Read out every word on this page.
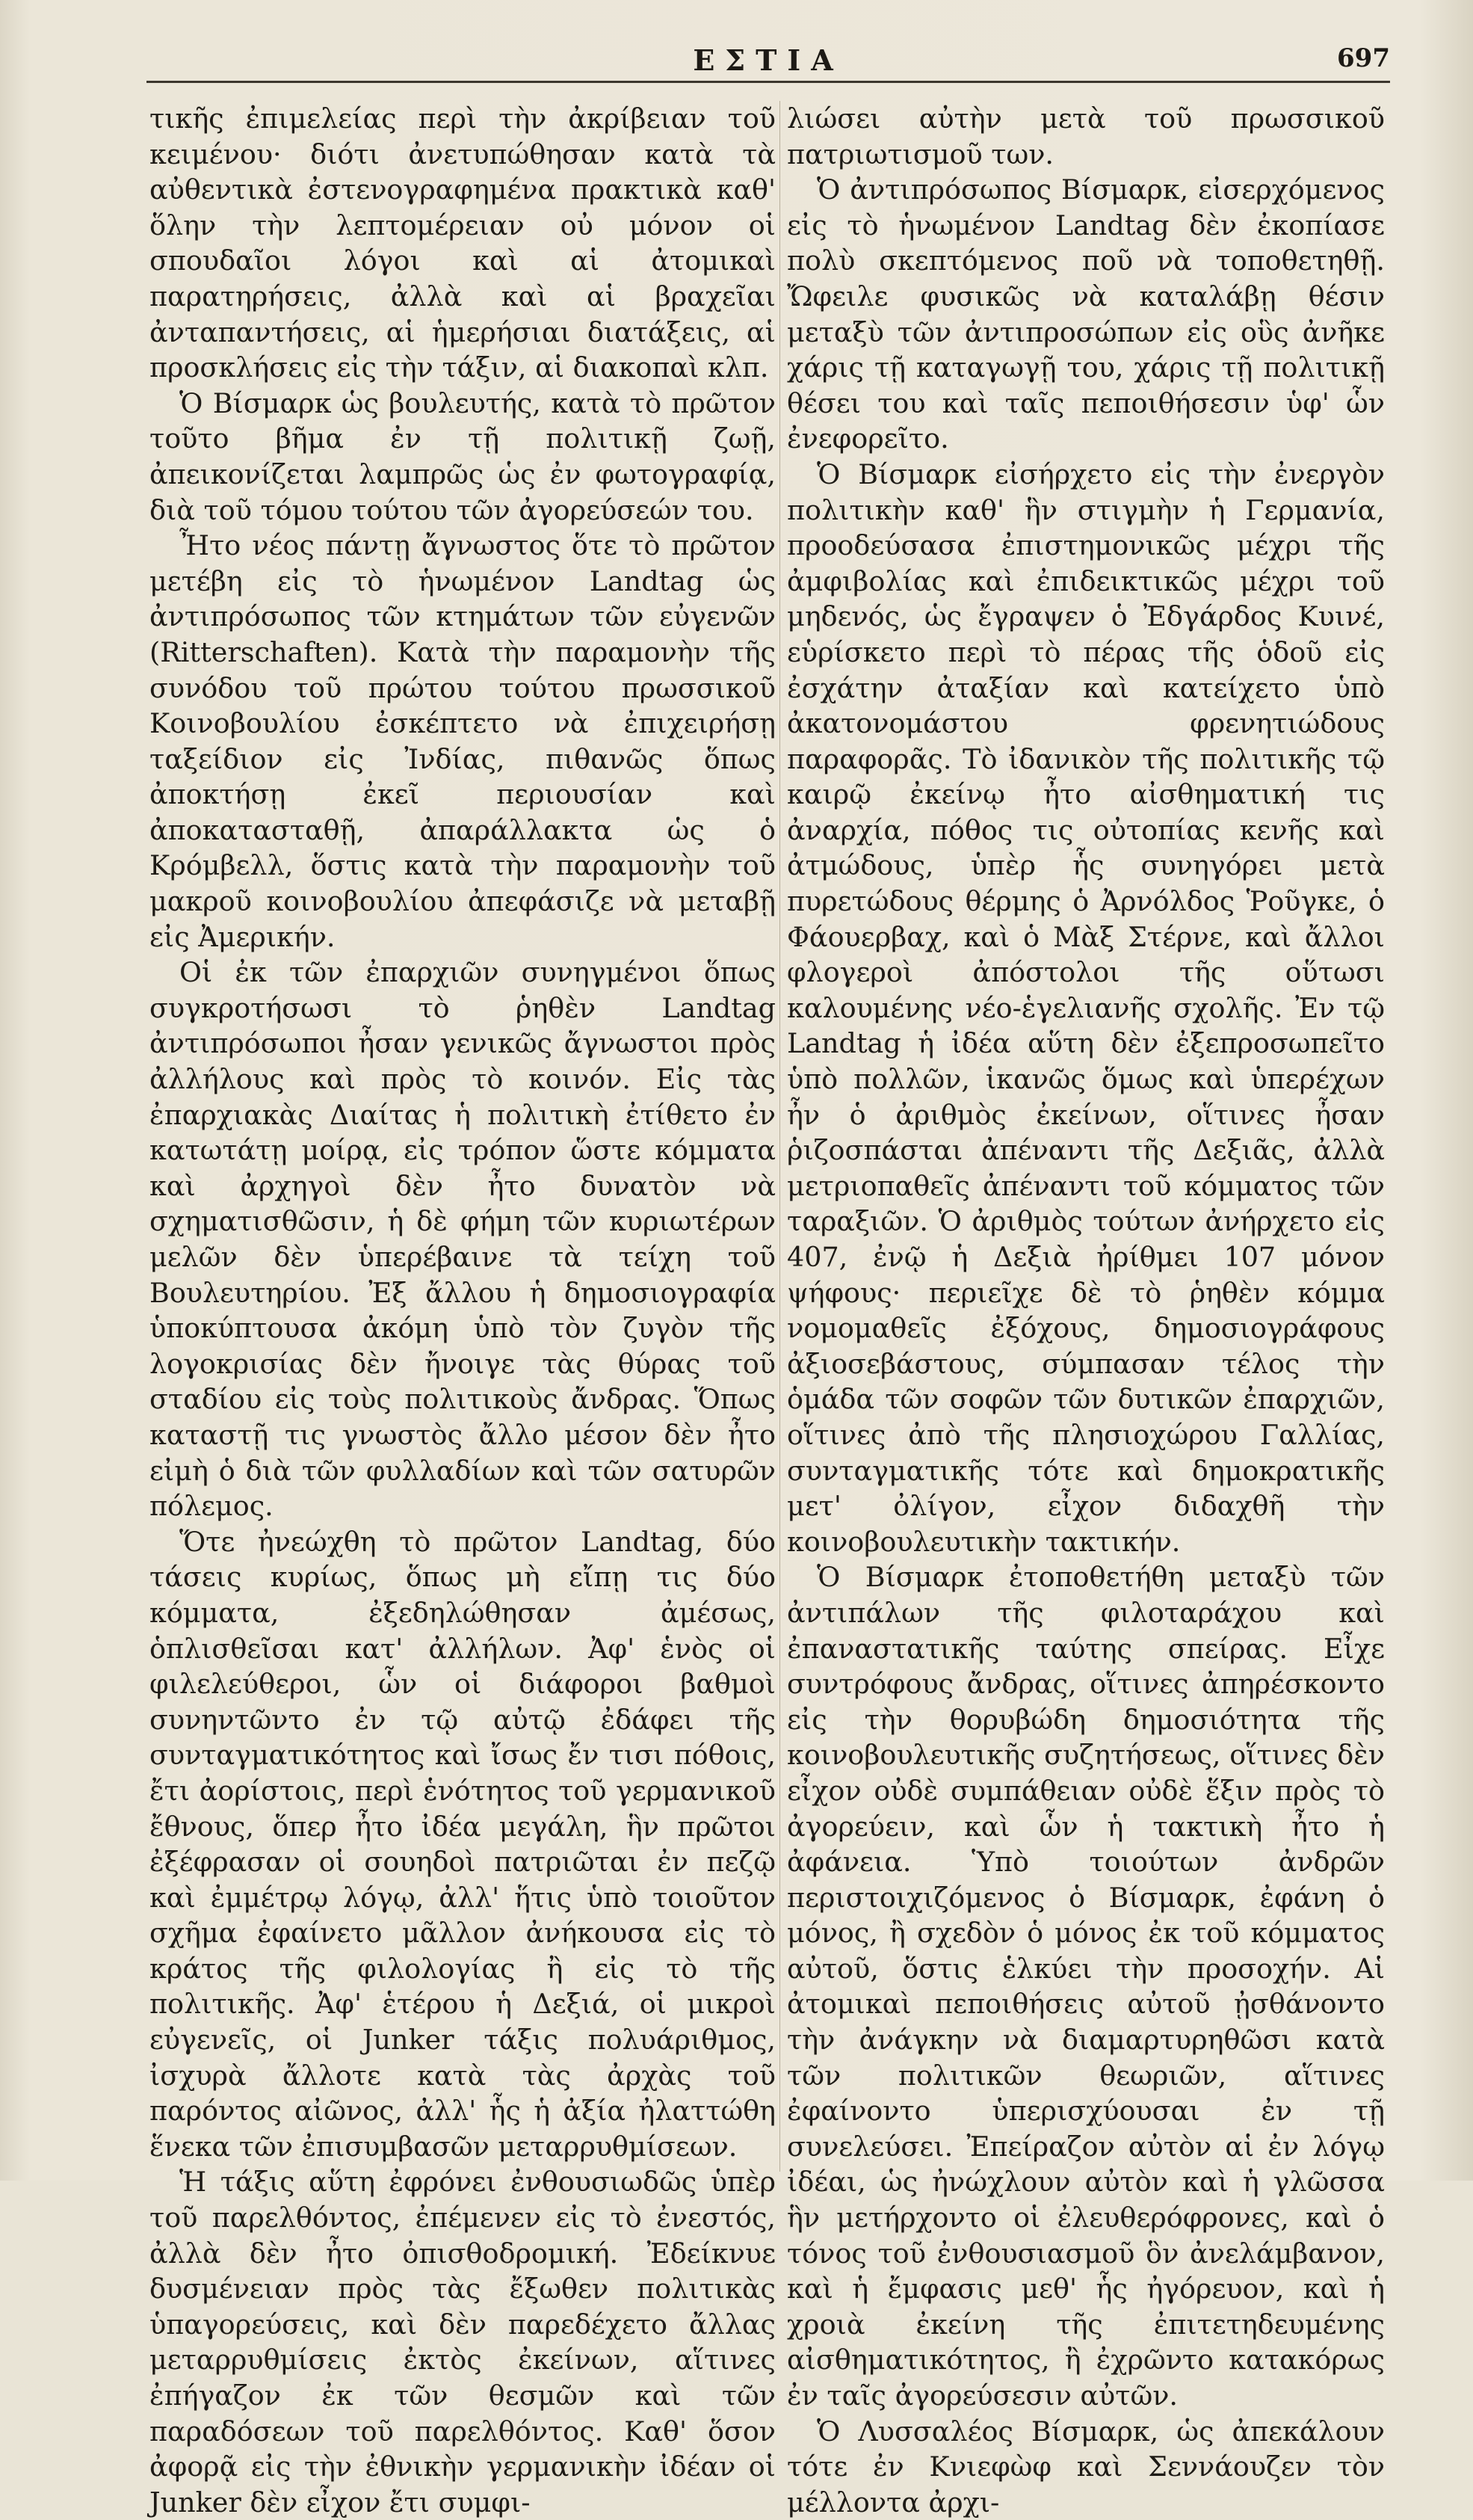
ΕΣΤΙΑ	697

τικῆς ἐπιμελείας περὶ τὴν ἀκρίβειαν τοῦ κειμένου· διότι ἀνετυπώθησαν κατὰ τὰ αὐθεντικὰ ἐστενογραφημένα πρακτικὰ καθ' ὅλην τὴν λεπτομέρειαν οὐ μόνον οἱ σπουδαῖοι λόγοι καὶ αἱ ἀτομικαὶ παρατηρήσεις, ἀλλὰ καὶ αἱ βραχεῖαι ἀνταπαντήσεις, αἱ ἡμερήσιαι διατάξεις, αἱ προσκλήσεις εἰς τὴν τάξιν, αἱ διακοπαὶ κλπ.

Ὁ Βίσμαρκ ὡς βουλευτής, κατὰ τὸ πρῶτον τοῦτο βῆμα ἐν τῇ πολιτικῇ ζωῇ, ἀπεικονίζεται λαμπρῶς ὡς ἐν φωτογραφίᾳ, διὰ τοῦ τόμου τούτου τῶν ἀγορεύσεών του.

Ἦτο νέος πάντῃ ἄγνωστος ὅτε τὸ πρῶτον μετέβη εἰς τὸ ἡνωμένον Landtag ὡς ἀντιπρόσωπος τῶν κτημάτων τῶν εὐγενῶν (Ritterschaften). Κατὰ τὴν παραμονὴν τῆς συνόδου τοῦ πρώτου τούτου πρωσσικοῦ Κοινοβουλίου ἐσκέπτετο νὰ ἐπιχειρήσῃ ταξείδιον εἰς Ἰνδίας, πιθανῶς ὅπως ἀποκτήσῃ ἐκεῖ περιουσίαν καὶ ἀποκατασταθῇ, ἀπαράλλακτα ὡς ὁ Κρόμβελλ, ὅστις κατὰ τὴν παραμονὴν τοῦ μακροῦ κοινοβουλίου ἀπεφάσιζε νὰ μεταβῇ εἰς Ἀμερικήν.

Οἱ ἐκ τῶν ἐπαρχιῶν συνηγμένοι ὅπως συγκροτήσωσι τὸ ῥηθὲν Landtag ἀντιπρόσωποι ἦσαν γενικῶς ἄγνωστοι πρὸς ἀλλήλους καὶ πρὸς τὸ κοινόν. Εἰς τὰς ἐπαρχιακὰς Διαίτας ἡ πολιτικὴ ἐτίθετο ἐν κατωτάτῃ μοίρᾳ, εἰς τρόπον ὥστε κόμματα καὶ ἀρχηγοὶ δὲν ἦτο δυνατὸν νὰ σχηματισθῶσιν, ἡ δὲ φήμη τῶν κυριωτέρων μελῶν δὲν ὑπερέβαινε τὰ τείχη τοῦ Βουλευτηρίου. Ἐξ ἄλλου ἡ δημοσιογραφία ὑποκύπτουσα ἀκόμη ὑπὸ τὸν ζυγὸν τῆς λογοκρισίας δὲν ἤνοιγε τὰς θύρας τοῦ σταδίου εἰς τοὺς πολιτικοὺς ἄνδρας. Ὅπως καταστῇ τις γνωστὸς ἄλλο μέσον δὲν ἦτο εἰμὴ ὁ διὰ τῶν φυλλαδίων καὶ τῶν σατυρῶν πόλεμος.

Ὅτε ἠνεώχθη τὸ πρῶτον Landtag, δύο τάσεις κυρίως, ὅπως μὴ εἴπῃ τις δύο κόμματα, ἐξεδηλώθησαν ἀμέσως, ὁπλισθεῖσαι κατ' ἀλλήλων. Ἀφ' ἑνὸς οἱ φιλελεύθεροι, ὧν οἱ διάφοροι βαθμοὶ συνηντῶντο ἐν τῷ αὐτῷ ἐδάφει τῆς συνταγματικότητος καὶ ἴσως ἔν τισι πόθοις, ἔτι ἀορίστοις, περὶ ἑνότητος τοῦ γερμανικοῦ ἔθνους, ὅπερ ἦτο ἰδέα μεγάλη, ἣν πρῶτοι ἐξέφρασαν οἱ σουηδοὶ πατριῶται ἐν πεζῷ καὶ ἐμμέτρῳ λόγῳ, ἀλλ' ἥτις ὑπὸ τοιοῦτον σχῆμα ἐφαίνετο μᾶλλον ἀνήκουσα εἰς τὸ κράτος τῆς φιλολογίας ἢ εἰς τὸ τῆς πολιτικῆς. Ἀφ' ἑτέρου ἡ Δεξιά, οἱ μικροὶ εὐγενεῖς, οἱ Junker τάξις πολυάριθμος, ἰσχυρὰ ἄλλοτε κατὰ τὰς ἀρχὰς τοῦ παρόντος αἰῶνος, ἀλλ' ἧς ἡ ἀξία ἠλαττώθη ἕνεκα τῶν ἐπισυμβασῶν μεταρρυθμίσεων.

Ἡ τάξις αὕτη ἐφρόνει ἐνθουσιωδῶς ὑπὲρ τοῦ παρελθόντος, ἐπέμενεν εἰς τὸ ἐνεστός, ἀλλὰ δὲν ἦτο ὀπισθοδρομική. Ἐδείκνυε δυσμένειαν πρὸς τὰς ἔξωθεν πολιτικὰς ὑπαγορεύσεις, καὶ δὲν παρεδέχετο ἄλλας μεταρρυθμίσεις ἐκτὸς ἐκείνων, αἵτινες ἐπήγαζον ἐκ τῶν θεσμῶν καὶ τῶν παραδόσεων τοῦ παρελθόντος. Καθ' ὅσον ἀφορᾷ εἰς τὴν ἐθνικὴν γερμανικὴν ἰδέαν οἱ Junker δὲν εἶχον ἔτι συμφι-

λιώσει αὐτὴν μετὰ τοῦ πρωσσικοῦ πατριωτισμοῦ των.

Ὁ ἀντιπρόσωπος Βίσμαρκ, εἰσερχόμενος εἰς τὸ ἡνωμένον Landtag δὲν ἐκοπίασε πολὺ σκεπτόμενος ποῦ νὰ τοποθετηθῇ. Ὤφειλε φυσικῶς νὰ καταλάβῃ θέσιν μεταξὺ τῶν ἀντιπροσώπων εἰς οὓς ἀνῆκε χάρις τῇ καταγωγῇ του, χάρις τῇ πολιτικῇ θέσει του καὶ ταῖς πεποιθήσεσιν ὑφ' ὧν ἐνεφορεῖτο.

Ὁ Βίσμαρκ εἰσήρχετο εἰς τὴν ἐνεργὸν πολιτικὴν καθ' ἣν στιγμὴν ἡ Γερμανία, προοδεύσασα ἐπιστημονικῶς μέχρι τῆς ἀμφιβολίας καὶ ἐπιδεικτικῶς μέχρι τοῦ μηδενός, ὡς ἔγραψεν ὁ Ἐδγάρδος Κυινέ, εὑρίσκετο περὶ τὸ πέρας τῆς ὁδοῦ εἰς ἐσχάτην ἀταξίαν καὶ κατείχετο ὑπὸ ἀκατονομάστου φρενητιώδους παραφορᾶς. Τὸ ἰδανικὸν τῆς πολιτικῆς τῷ καιρῷ ἐκείνῳ ἦτο αἰσθηματική τις ἀναρχία, πόθος τις οὐτοπίας κενῆς καὶ ἀτμώδους, ὑπὲρ ἧς συνηγόρει μετὰ πυρετώδους θέρμης ὁ Ἀρνόλδος Ῥοῦγκε, ὁ Φάουερβαχ, καὶ ὁ Μὰξ Στέρνε, καὶ ἄλλοι φλογεροὶ ἀπόστολοι τῆς οὕτωσι καλουμένης νέο-ἑγελιανῆς σχολῆς. Ἐν τῷ Landtag ἡ ἰδέα αὕτη δὲν ἐξεπροσωπεῖτο ὑπὸ πολλῶν, ἱκανῶς ὅμως καὶ ὑπερέχων ἦν ὁ ἀριθμὸς ἐκείνων, οἵτινες ἦσαν ῥιζοσπάσται ἀπέναντι τῆς Δεξιᾶς, ἀλλὰ μετριοπαθεῖς ἀπέναντι τοῦ κόμματος τῶν ταραξιῶν. Ὁ ἀριθμὸς τούτων ἀνήρχετο εἰς 407, ἐνῷ ἡ Δεξιὰ ἠρίθμει 107 μόνον ψήφους· περιεῖχε δὲ τὸ ῥηθὲν κόμμα νομομαθεῖς ἐξόχους, δημοσιογράφους ἀξιοσεβάστους, σύμπασαν τέλος τὴν ὁμάδα τῶν σοφῶν τῶν δυτικῶν ἐπαρχιῶν, οἵτινες ἀπὸ τῆς πλησιοχώρου Γαλλίας, συνταγματικῆς τότε καὶ δημοκρατικῆς μετ' ὀλίγον, εἶχον διδαχθῆ τὴν κοινοβουλευτικὴν τακτικήν.

Ὁ Βίσμαρκ ἐτοποθετήθη μεταξὺ τῶν ἀντιπάλων τῆς φιλοταράχου καὶ ἐπαναστατικῆς ταύτης σπείρας. Εἶχε συντρόφους ἄνδρας, οἵτινες ἀπηρέσκοντο εἰς τὴν θορυβώδη δημοσιότητα τῆς κοινοβουλευτικῆς συζητήσεως, οἵτινες δὲν εἶχον οὐδὲ συμπάθειαν οὐδὲ ἕξιν πρὸς τὸ ἀγορεύειν, καὶ ὧν ἡ τακτικὴ ἦτο ἡ ἀφάνεια. Ὑπὸ τοιούτων ἀνδρῶν περιστοιχιζόμενος ὁ Βίσμαρκ, ἐφάνη ὁ μόνος, ἢ σχεδὸν ὁ μόνος ἐκ τοῦ κόμματος αὐτοῦ, ὅστις ἑλκύει τὴν προσοχήν. Αἱ ἀτομικαὶ πεποιθήσεις αὐτοῦ ᾐσθάνοντο τὴν ἀνάγκην νὰ διαμαρτυρηθῶσι κατὰ τῶν πολιτικῶν θεωριῶν, αἵτινες ἐφαίνοντο ὑπερισχύουσαι ἐν τῇ συνελεύσει. Ἐπείραζον αὐτὸν αἱ ἐν λόγῳ ἰδέαι, ὡς ἠνώχλουν αὐτὸν καὶ ἡ γλῶσσα ἣν μετήρχοντο οἱ ἐλευθερόφρονες, καὶ ὁ τόνος τοῦ ἐνθουσιασμοῦ ὃν ἀνελάμβανον, καὶ ἡ ἔμφασις μεθ' ἧς ἠγόρευον, καὶ ἡ χροιὰ ἐκείνη τῆς ἐπιτετηδευμένης αἰσθηματικότητος, ἢ ἐχρῶντο κατακόρως ἐν ταῖς ἀγορεύσεσιν αὐτῶν.

Ὁ Λυσσαλέος Βίσμαρκ, ὡς ἀπεκάλουν τότε ἐν Κνιεφὼφ καὶ Σεννάουζεν τὸν μέλλοντα ἀρχι-
